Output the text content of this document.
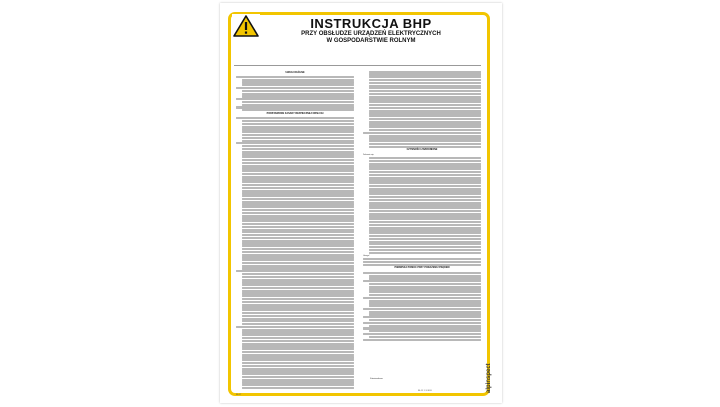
INSTRUKCJA BHP
PRZY OBSŁUDZE URZĄDZEŃ ELEKTRYCZNYCH
W GOSPODARSTWIE ROLNYM
UWAGI OGÓLNE
PODSTAWOWE ZASADY BEZPIECZNEJ OBSŁUGI
CZYNNOŚCI ZABRONIONE
Zabrania się:
Uwaga!
PIERWSZA POMOC PRZY PORAŻENIU PRĄDEM
Zatwierdzam:	alpinspect
IB-07
IB-11 1.3.3/03
